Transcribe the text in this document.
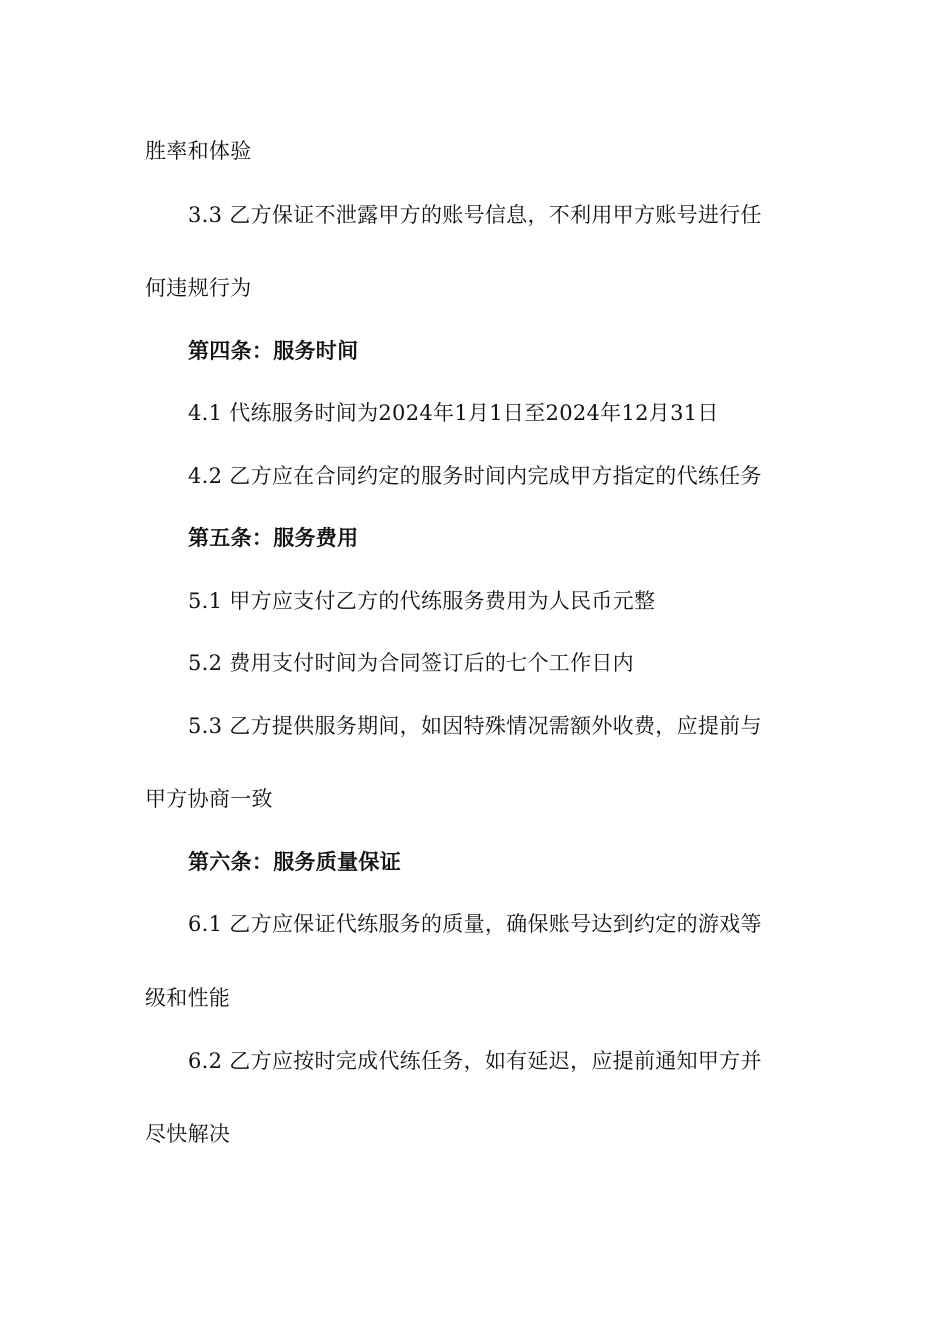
胜率和体验
3.3 乙方保证不泄露甲方的账号信息，不利用甲方账号进行任
何违规行为
第四条：服务时间
4.1 代练服务时间为2024年1月1日至2024年12月31日
4.2 乙方应在合同约定的服务时间内完成甲方指定的代练任务
第五条：服务费用
5.1 甲方应支付乙方的代练服务费用为人民币元整
5.2 费用支付时间为合同签订后的七个工作日内
5.3 乙方提供服务期间，如因特殊情况需额外收费，应提前与
甲方协商一致
第六条：服务质量保证
6.1 乙方应保证代练服务的质量，确保账号达到约定的游戏等
级和性能
6.2 乙方应按时完成代练任务，如有延迟，应提前通知甲方并
尽快解决
